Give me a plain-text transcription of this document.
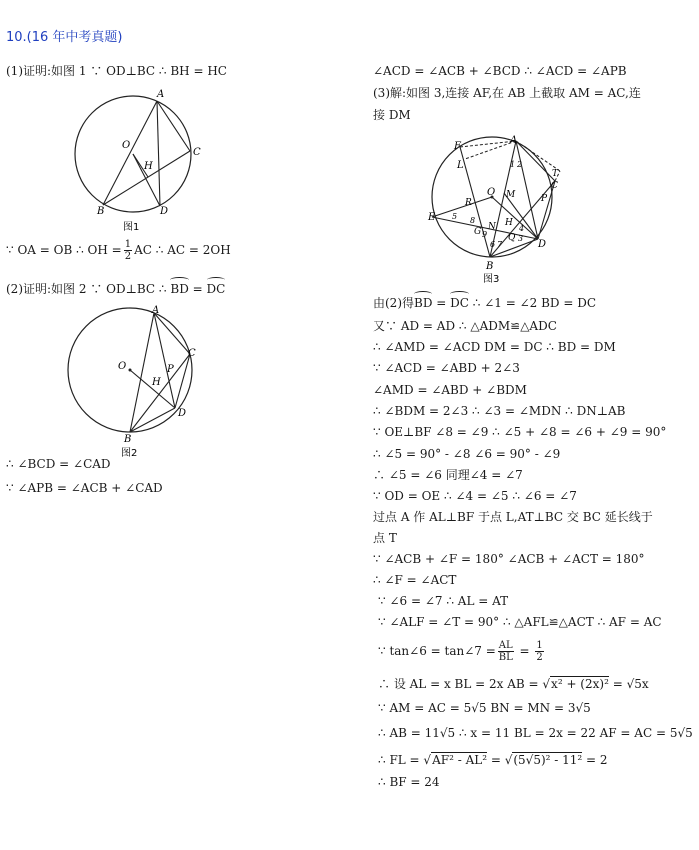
10.(16 年中考真题)
(1)证明:如图 1 ∵ OD⊥BC ∴ BH = HC
A
C
O
H
B	D
图1
∵ OA = OB ∴ OH = $\frac{1}{2}$ AC ∴ AC = 2OH
(2)证明:如图 2 ∵ OD⊥BC ∴ BD = DC
A
C
O	P
H
D
B
图2
∴ ∠BCD = ∠CAD
∵ ∠APB = ∠ACB + ∠CAD
∠ACD = ∠ACB + ∠BCD ∴ ∠ACD = ∠APB
(3)解:如图 3,连接 AF,在 AB 上截取 AM = AC,连
接 DM
A
F
L
T
C
1 2
O M	P
R
E 5 8
N H
4
G 9 Q 3
6 7	D
B
图3
由(2)得BD = DC ∴ ∠1 = ∠2 BD = DC
又∵ AD = AD ∴ △ADM≌△ADC
∴ ∠AMD = ∠ACD DM = DC ∴ BD = DM
∵ ∠ACD = ∠ABD + 2∠3
∠AMD = ∠ABD + ∠BDM
∴ ∠BDM = 2∠3 ∴ ∠3 = ∠MDN ∴ DN⊥AB
∵ OE⊥BF ∠8 = ∠9 ∴ ∠5 + ∠8 = ∠6 + ∠9 = 90°
∴ ∠5 = 90° - ∠8 ∠6 = 90° - ∠9
∴ ∠5 = ∠6 同理∠4 = ∠7
∵ OD = OE ∴ ∠4 = ∠5 ∴ ∠6 = ∠7
过点 A 作 AL⊥BF 于点 L,AT⊥BC 交 BC 延长线于
点 T
∵ ∠ACB + ∠F = 180° ∠ACB + ∠ACT = 180°
∴ ∠F = ∠ACT
∵ ∠6 = ∠7 ∴ AL = AT
∵ ∠ALF = ∠T = 90° ∴ △AFL≌△ACT ∴ AF = AC
∵ tan∠6 = tan∠7 = $\frac{AL}{BL} = \frac{1}{2}$
∴ 设 AL = x BL = 2x AB = √x² + (2x)² = √5x
∵ AM = AC = 5√5 BN = MN = 3√5
∴ AB = 11√5 ∴ x = 11 BL = 2x = 22 AF = AC = 5√5
∴ FL = √AF² - AL² = √(5√5)² - 11² = 2
∴ BF = 24
